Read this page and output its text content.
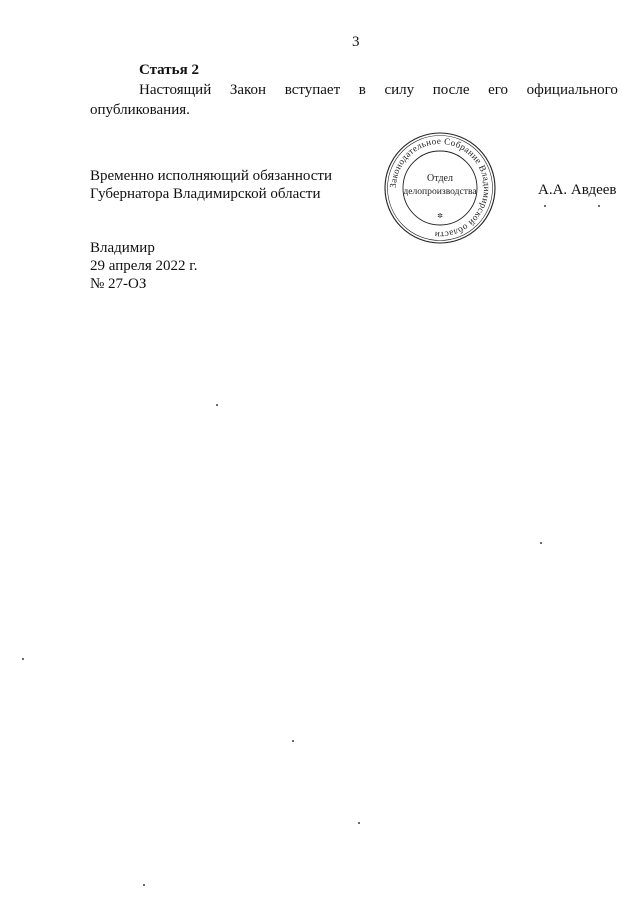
3
Статья 2
Настоящий Закон вступает в силу после его официального
опубликования.
Временно исполняющий обязанности
Губернатора Владимирской области	А.А. Авдеев
Законодательное Собрание Владимирской области
Отдел
делопроизводства
✲
Владимир
29 апреля 2022 г.
№ 27-ОЗ
